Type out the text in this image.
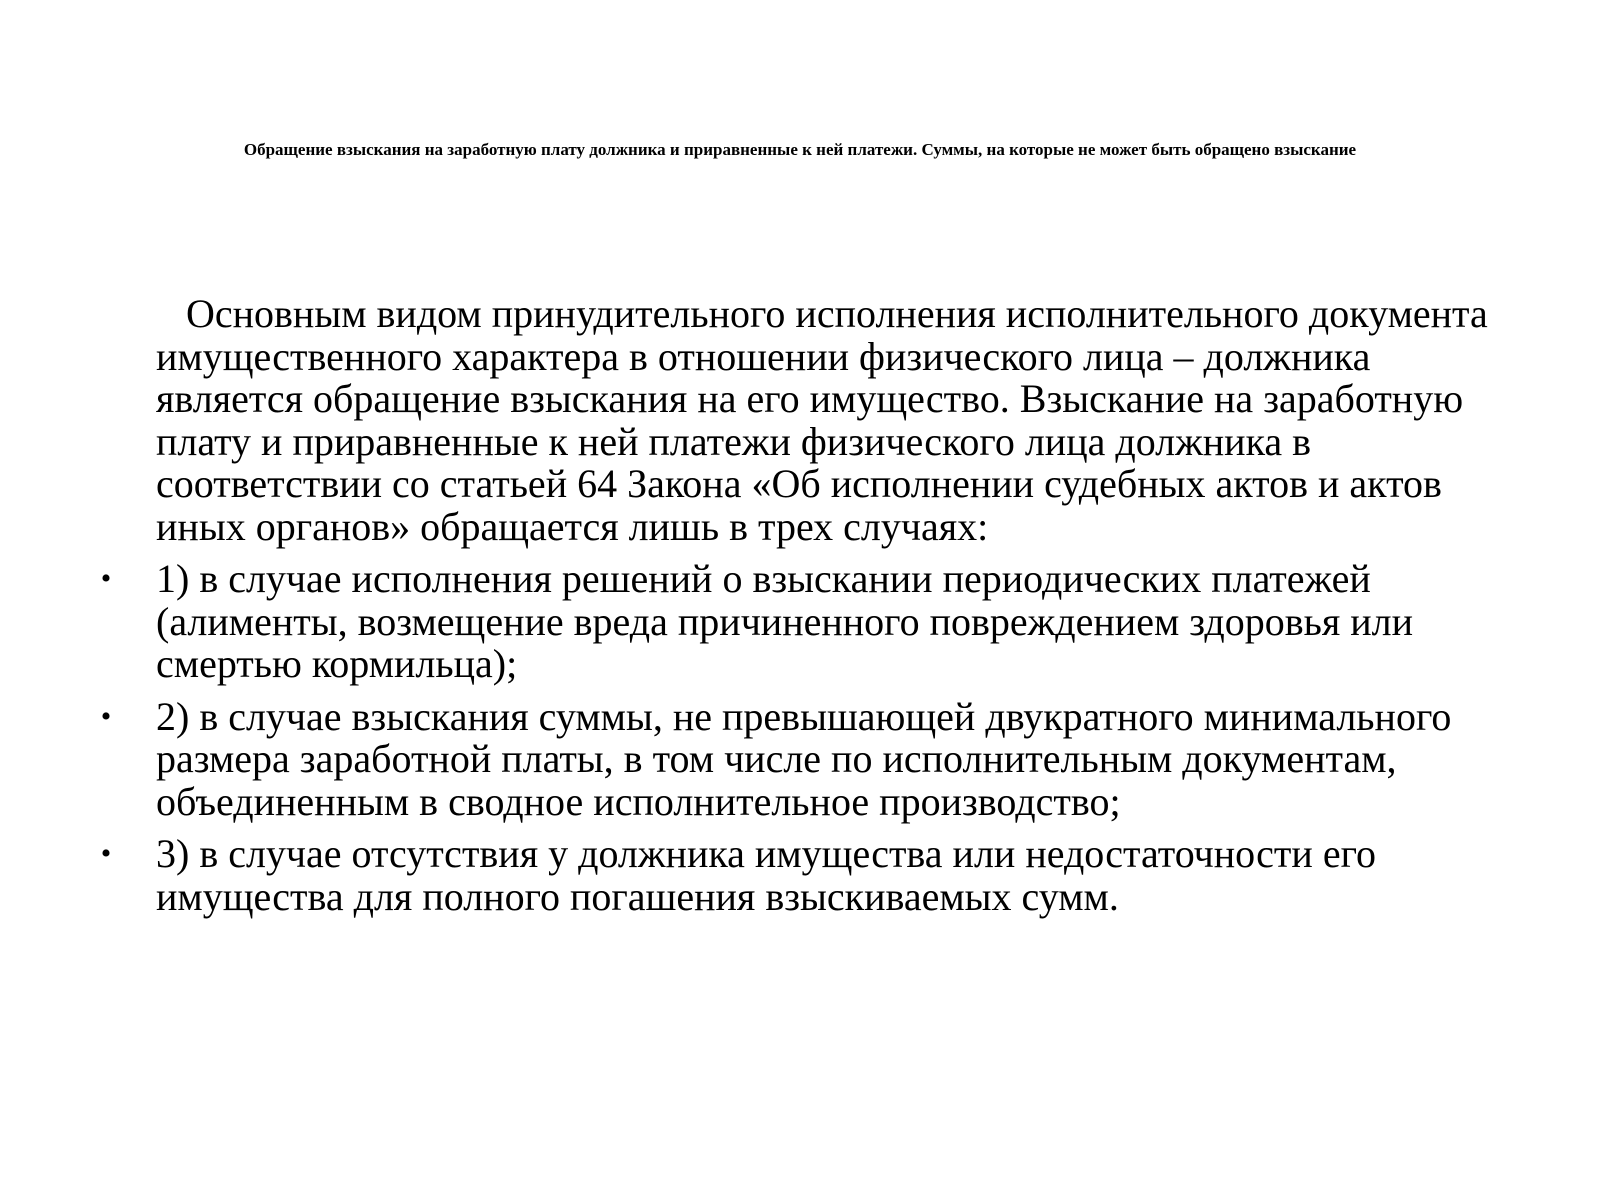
Обращение взыскания на заработную плату должника и приравненные к ней платежи. Суммы, на которые не может быть обращено взыскание

Основным видом принудительного исполнения исполнительного документа имущественного характера в отношении физического лица – должника является обращение взыскания на его имущество. Взыскание на заработную плату и приравненные к ней платежи физического лица должника в соответствии со статьей 64 Закона «Об исполнении судебных актов и актов иных органов» обращается лишь в трех случаях:

• 1) в случае исполнения решений о взыскании периодических платежей (алименты, возмещение вреда причиненного повреждением здоровья или смертью кормильца);
• 2) в случае взыскания суммы, не превышающей двукратного минимального размера заработной платы, в том числе по исполнительным документам, объединенным в сводное исполнительное производство;
• 3) в случае отсутствия у должника имущества или недостаточности его имущества для полного погашения взыскиваемых сумм.
